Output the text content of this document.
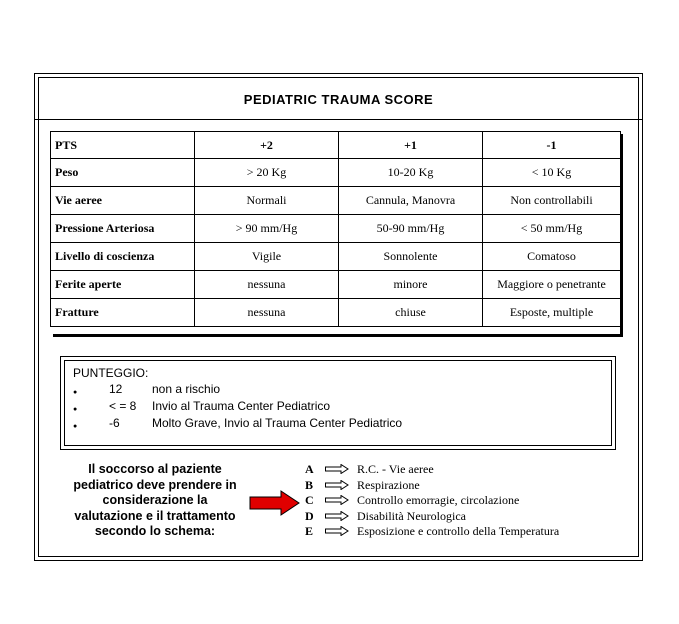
PEDIATRIC TRAUMA SCORE
PTS	+2	+1	-1
Peso	> 20 Kg	10-20 Kg	< 10 Kg
Vie aeree	Normali	Cannula, Manovra	Non controllabili
Pressione Arteriosa	> 90 mm/Hg	50-90 mm/Hg	< 50 mm/Hg
Livello di coscienza	Vigile	Sonnolente	Comatoso
Ferite aperte	nessuna	minore	Maggiore o penetrante
Fratture	nessuna	chiuse	Esposte, multiple
PUNTEGGIO:
●
12	non a rischio
●
< = 8	Invio al Trauma Center Pediatrico
●
-6	Molto Grave, Invio al Trauma Center Pediatrico
Il soccorso al paziente
pediatrico deve prendere in
considerazione la
valutazione e il trattamento
secondo lo schema:
A	R.C. - Vie aeree
B	Respirazione
C	Controllo emorragie, circolazione
D	Disabilità Neurologica
E	Esposizione e controllo della Temperatura
